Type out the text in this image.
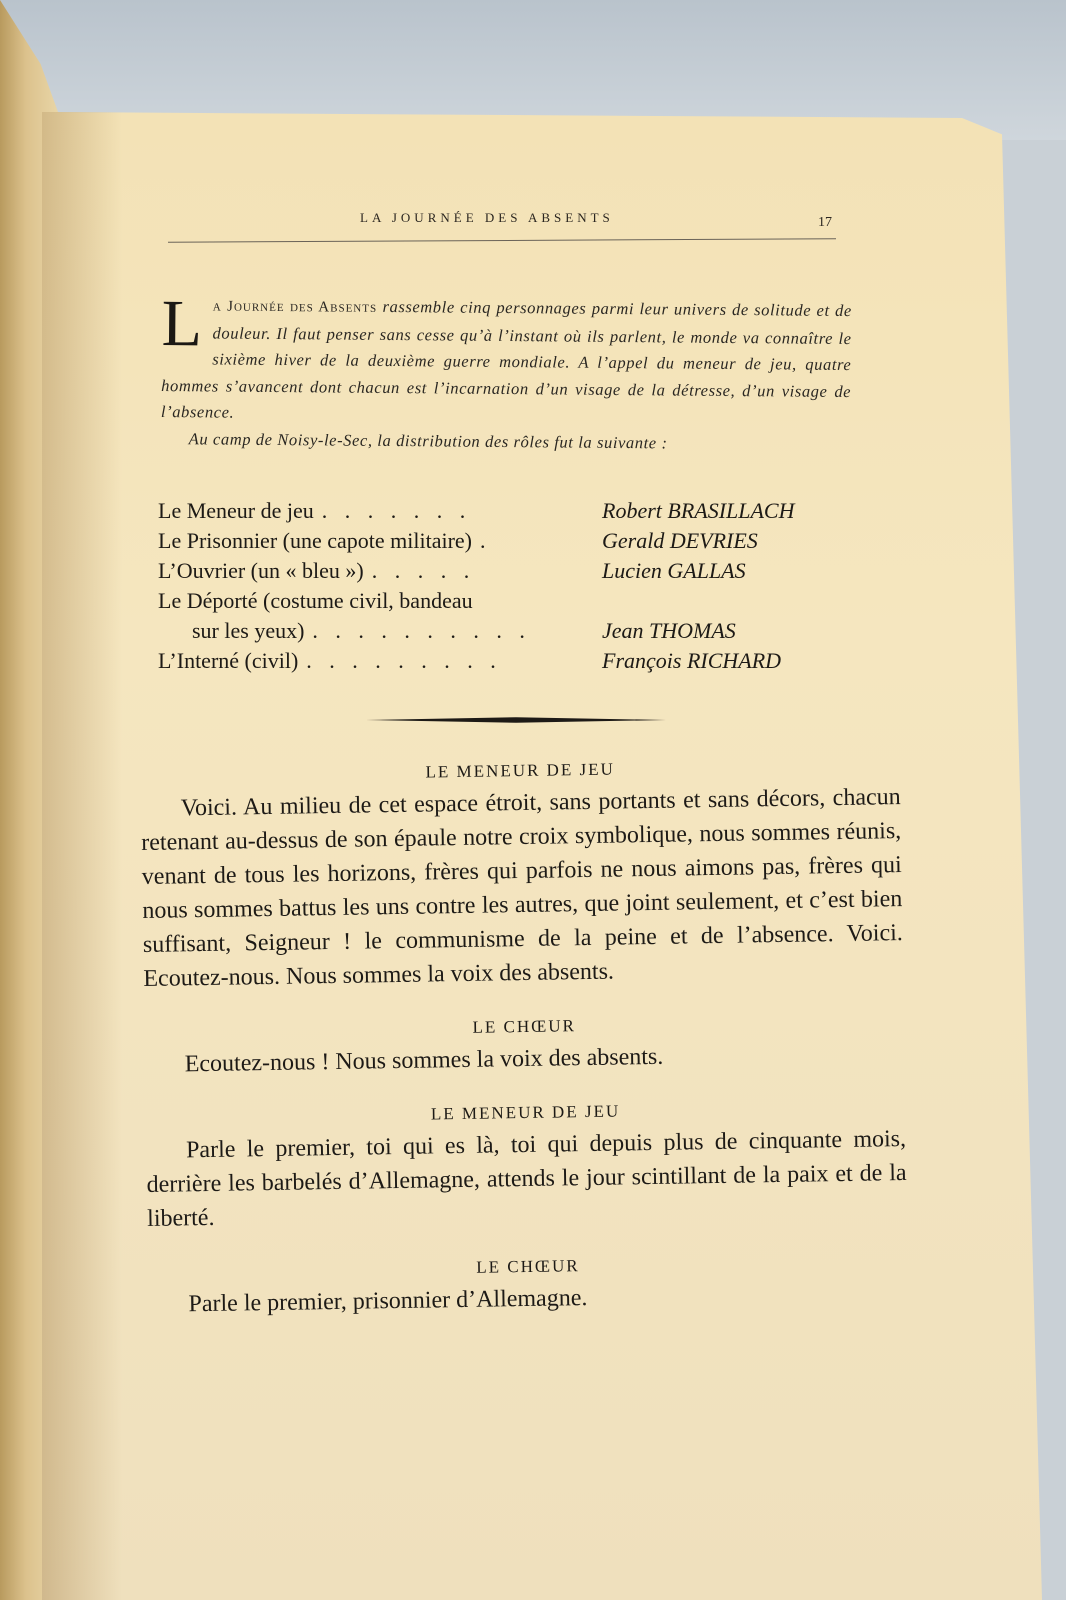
LA JOURNÉE DES ABSENTS	17
L a Journée des Absents rassemble cinq personnages parmi leur univers de solitude et de douleur. Il faut penser sans cesse qu’à l’instant où ils parlent, le monde va connaître le sixième hiver de la deuxième guerre mondiale. A l’appel du meneur de jeu, quatre hommes s’avancent dont chacun est l’incarnation d’un visage de la détresse, d’un visage de l’absence.

Au camp de Noisy-le-Sec, la distribution des rôles fut la suivante :

Le Meneur de jeu . . . . . . .	Robert BRASILLACH
Le Prisonnier (une capote militaire) .	Gerald DEVRIES
L’Ouvrier (un « bleu ») . . . . .	Lucien GALLAS
Le Déporté (costume civil, bandeau
sur les yeux) . . . . . . . . . .	Jean THOMAS
L’Interné (civil) . . . . . . . . .	François RICHARD

LE MENEUR DE JEU

Voici. Au milieu de cet espace étroit, sans portants et sans décors, chacun retenant au-dessus de son épaule notre croix symbolique, nous sommes réunis, venant de tous les horizons, frères qui parfois ne nous aimons pas, frères qui nous sommes battus les uns contre les autres, que joint seulement, et c’est bien suffisant, Seigneur ! le communisme de la peine et de l’absence. Voici. Ecoutez-nous. Nous sommes la voix des absents.

LE CHŒUR

Ecoutez-nous ! Nous sommes la voix des absents.

LE MENEUR DE JEU

Parle le premier, toi qui es là, toi qui depuis plus de cinquante mois, derrière les barbelés d’Allemagne, attends le jour scintillant de la paix et de la liberté.

LE CHŒUR

Parle le premier, prisonnier d’Allemagne.
